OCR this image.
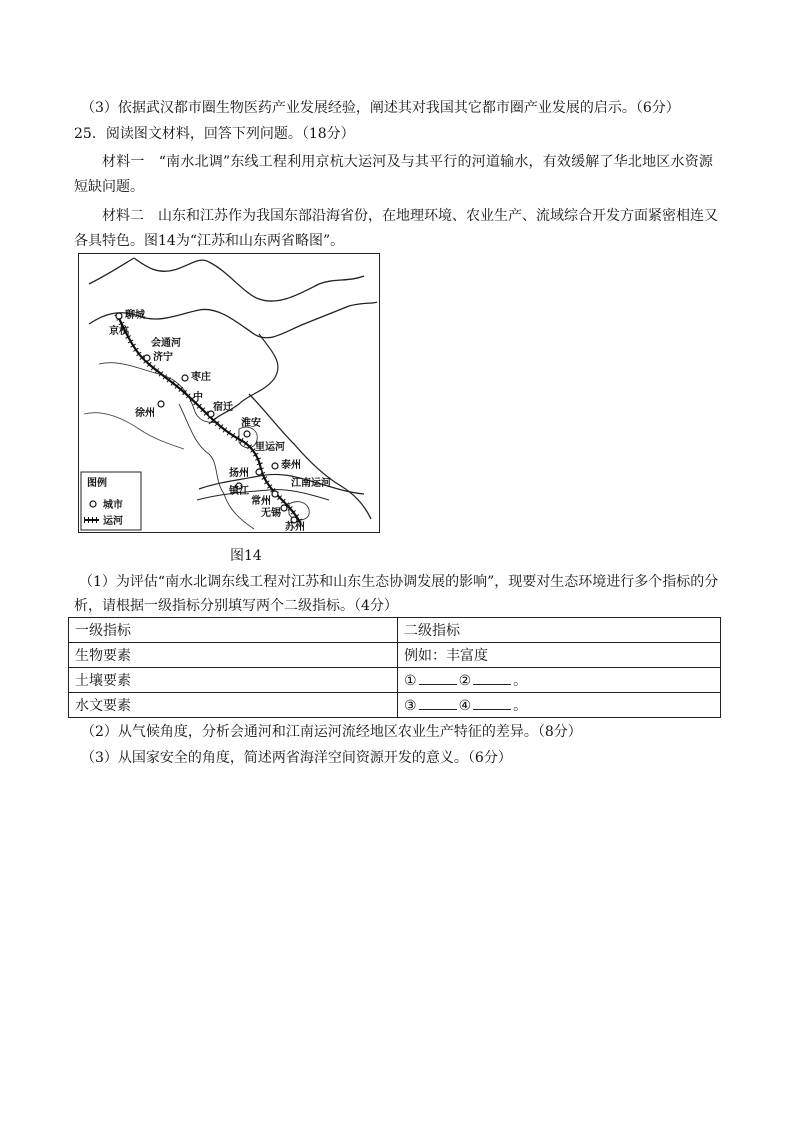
（3）依据武汉都市圈生物医药产业发展经验，阐述其对我国其它都市圈产业发展的启示。（6分）
25．阅读图文材料，回答下列问题。（18分）
材料一　“南水北调”东线工程利用京杭大运河及与其平行的河道输水，有效缓解了华北地区水资源
短缺问题。
材料二　山东和江苏作为我国东部沿海省份，在地理环境、农业生产、流域综合开发方面紧密相连又
各具特色。图14为“江苏和山东两省略图”。
聊城
济宁
枣庄
徐州
宿迁
淮安
扬州
泰州
镇江
常州
无锡
苏州
京杭
中
会通河
里运河
江南运河
图例
城市
运河
图14
（1）为评估“南水北调东线工程对江苏和山东生态协调发展的影响”，现要对生态环境进行多个指标的分
析，请根据一级指标分别填写两个二级指标。（4分）
一级指标	二级指标
生物要素	例如：丰富度
土壤要素	① ② 。
水文要素	③ ④ 。
（2）从气候角度，分析会通河和江南运河流经地区农业生产特征的差异。（8分）
（3）从国家安全的角度，简述两省海洋空间资源开发的意义。（6分）
